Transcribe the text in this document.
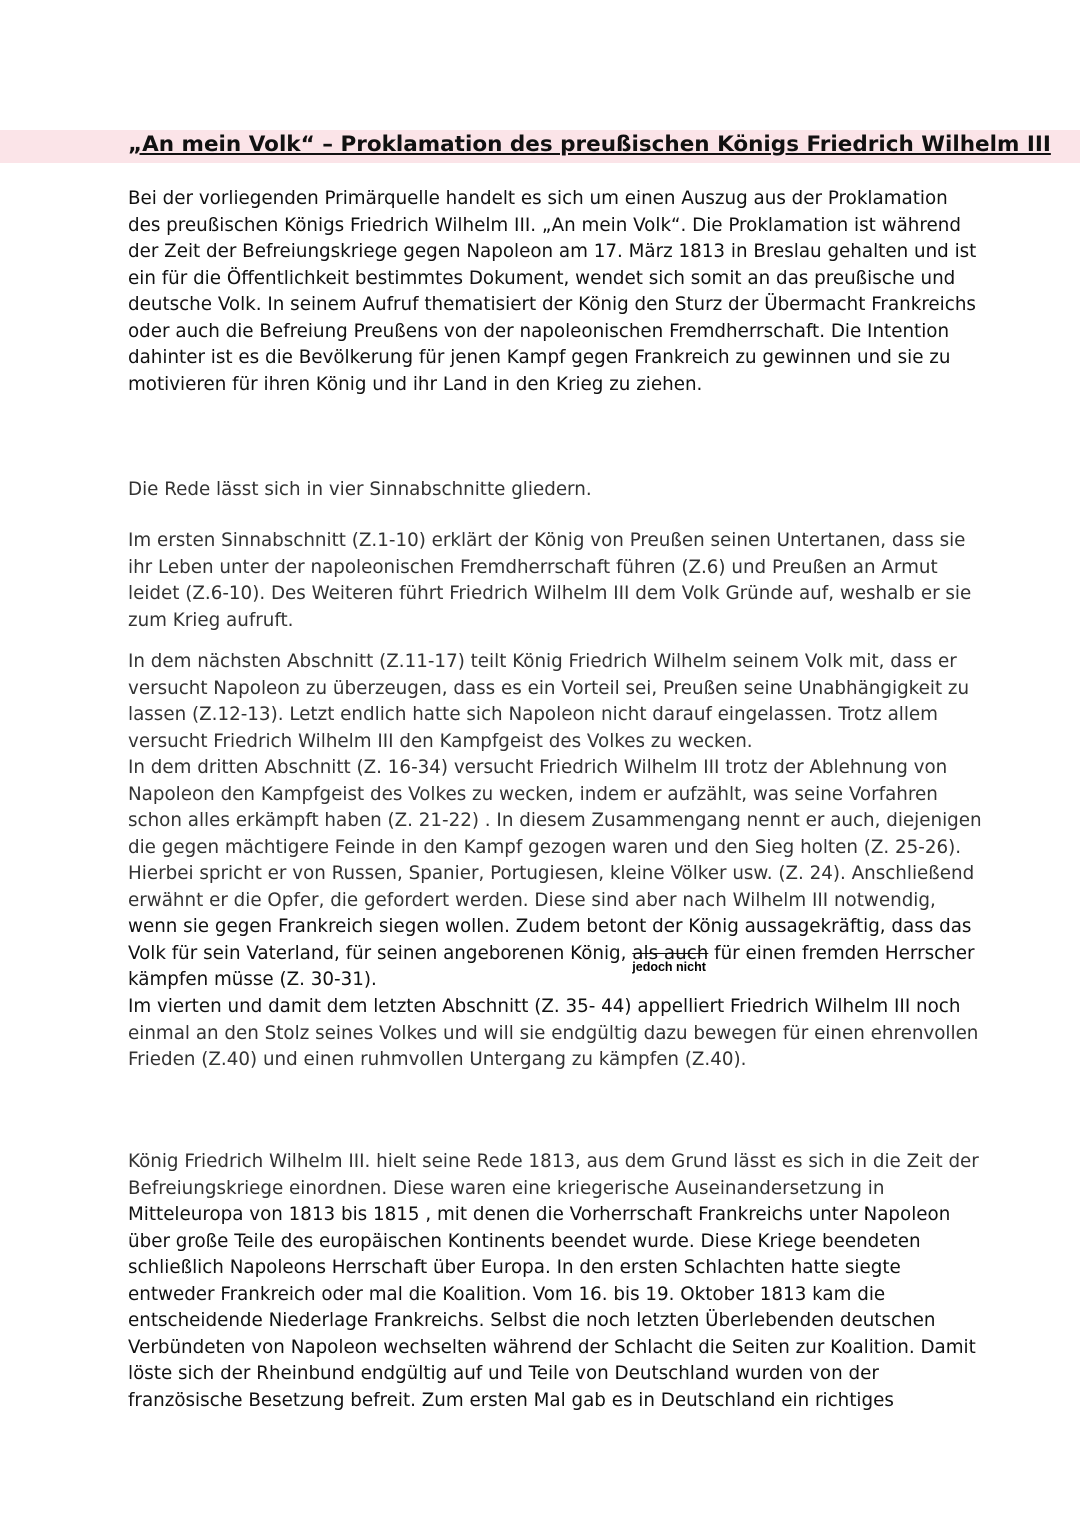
„An mein Volk“ – Proklamation des preußischen Königs Friedrich Wilhelm III
Bei der vorliegenden Primärquelle handelt es sich um einen Auszug aus der Proklamation
des preußischen Königs Friedrich Wilhelm III. „An mein Volk“. Die Proklamation ist während
der Zeit der Befreiungskriege gegen Napoleon am 17. März 1813 in Breslau gehalten und ist
ein für die Öffentlichkeit bestimmtes Dokument, wendet sich somit an das preußische und
deutsche Volk. In seinem Aufruf thematisiert der König den Sturz der Übermacht Frankreichs
oder auch die Befreiung Preußens von der napoleonischen Fremdherrschaft. Die Intention
dahinter ist es die Bevölkerung für jenen Kampf gegen Frankreich zu gewinnen und sie zu
motivieren für ihren König und ihr Land in den Krieg zu ziehen.
Die Rede lässt sich in vier Sinnabschnitte gliedern.
Im ersten Sinnabschnitt (Z.1-10) erklärt der König von Preußen seinen Untertanen, dass sie
ihr Leben unter der napoleonischen Fremdherrschaft führen (Z.6) und Preußen an Armut
leidet (Z.6-10). Des Weiteren führt Friedrich Wilhelm III dem Volk Gründe auf, weshalb er sie
zum Krieg aufruft.
In dem nächsten Abschnitt (Z.11-17) teilt König Friedrich Wilhelm seinem Volk mit, dass er
versucht Napoleon zu überzeugen, dass es ein Vorteil sei, Preußen seine Unabhängigkeit zu
lassen (Z.12-13). Letzt endlich hatte sich Napoleon nicht darauf eingelassen. Trotz allem
versucht Friedrich Wilhelm III den Kampfgeist des Volkes zu wecken.
In dem dritten Abschnitt (Z. 16-34) versucht Friedrich Wilhelm III trotz der Ablehnung von
Napoleon den Kampfgeist des Volkes zu wecken, indem er aufzählt, was seine Vorfahren
schon alles erkämpft haben (Z. 21-22) . In diesem Zusammengang nennt er auch, diejenigen
die gegen mächtigere Feinde in den Kampf gezogen waren und den Sieg holten (Z. 25-26).
Hierbei spricht er von Russen, Spanier, Portugiesen, kleine Völker usw. (Z. 24). Anschließend
erwähnt er die Opfer, die gefordert werden. Diese sind aber nach Wilhelm III notwendig,
wenn sie gegen Frankreich siegen wollen. Zudem betont der König aussagekräftig, dass das
Volk für sein Vaterland, für seinen angeborenen König, als auch
jedoch nicht
für einen fremden Herrscher
kämpfen müsse (Z. 30-31).
Im vierten und damit dem letzten Abschnitt (Z. 35- 44) appelliert Friedrich Wilhelm III noch
einmal an den Stolz seines Volkes und will sie endgültig dazu bewegen für einen ehrenvollen
Frieden (Z.40) und einen ruhmvollen Untergang zu kämpfen (Z.40).
König Friedrich Wilhelm III. hielt seine Rede 1813, aus dem Grund lässt es sich in die Zeit der
Befreiungskriege einordnen. Diese waren eine kriegerische Auseinandersetzung in
Mitteleuropa von 1813 bis 1815 , mit denen die Vorherrschaft Frankreichs unter Napoleon
über große Teile des europäischen Kontinents beendet wurde. Diese Kriege beendeten
schließlich Napoleons Herrschaft über Europa. In den ersten Schlachten hatte siegte
entweder Frankreich oder mal die Koalition. Vom 16. bis 19. Oktober 1813 kam die
entscheidende Niederlage Frankreichs. Selbst die noch letzten Überlebenden deutschen
Verbündeten von Napoleon wechselten während der Schlacht die Seiten zur Koalition. Damit
löste sich der Rheinbund endgültig auf und Teile von Deutschland wurden von der
französische Besetzung befreit. Zum ersten Mal gab es in Deutschland ein richtiges
